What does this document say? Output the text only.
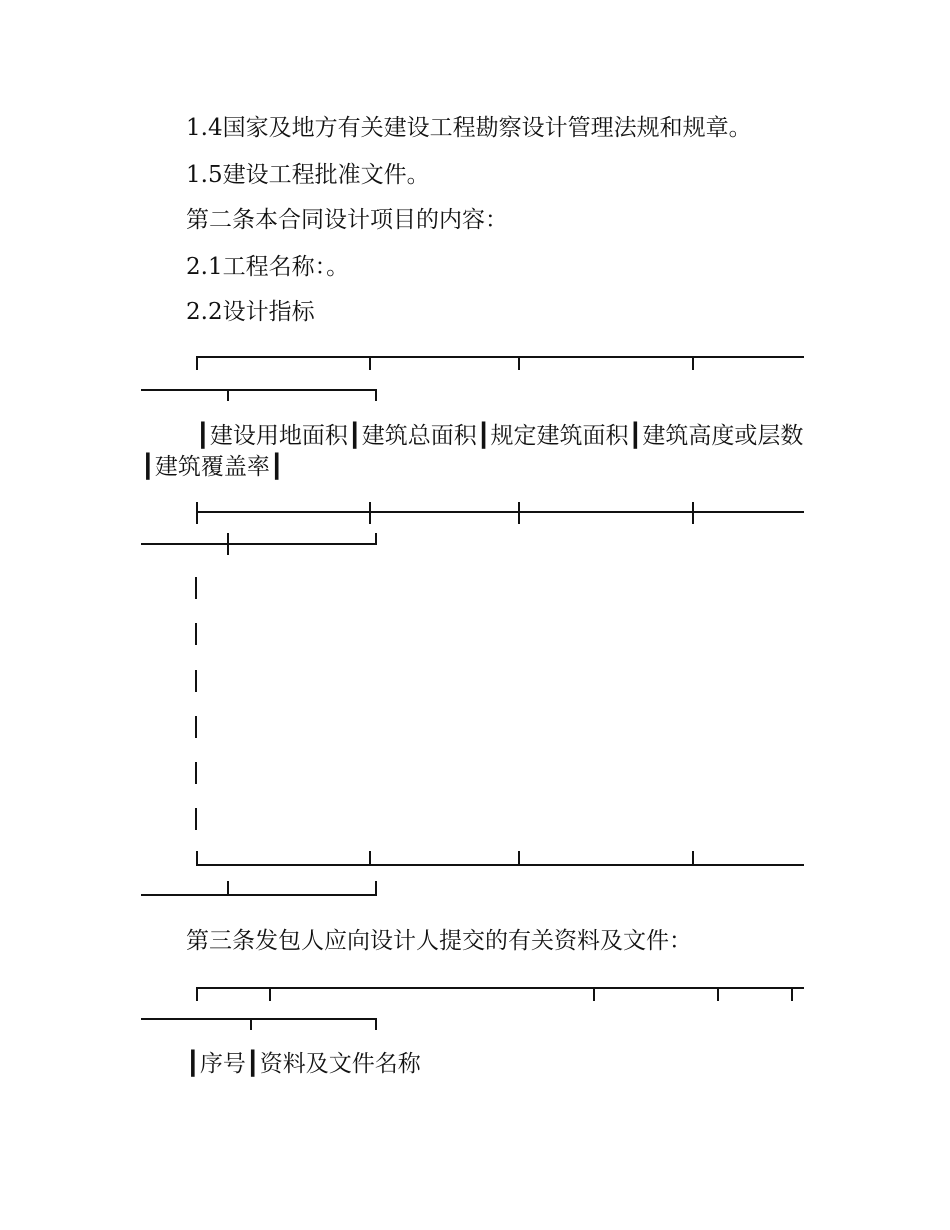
1.4国家及地方有关建设工程勘察设计管理法规和规章。
1.5建设工程批准文件。
第二条本合同设计项目的内容：
2.1工程名称：。
2.2设计指标
┃建设用地面积┃建筑总面积┃规定建筑面积┃建筑高度或层数┃建筑覆盖率┃
第三条发包人应向设计人提交的有关资料及文件：
┃序号┃资料及文件名称
